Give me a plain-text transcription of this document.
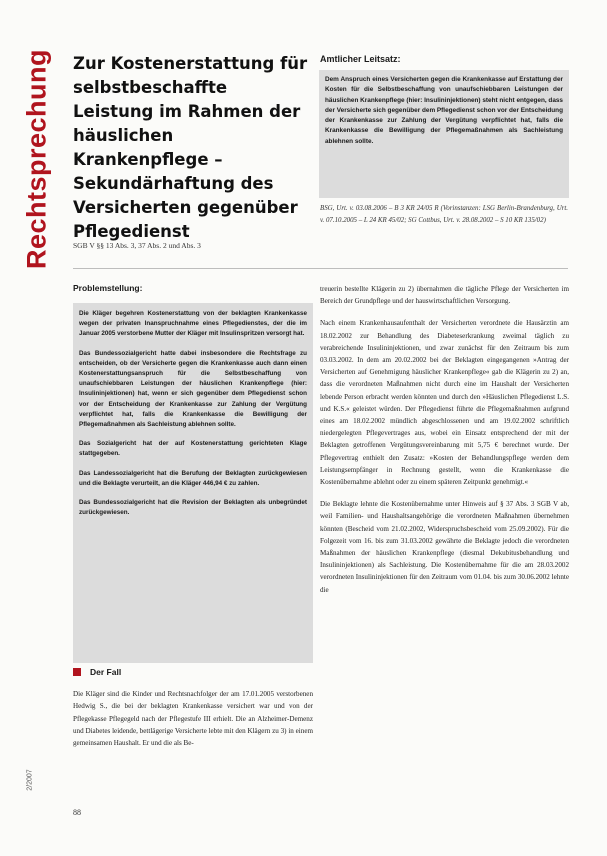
Rechtsprechung Zur Kostenerstattung für selbstbeschaffte Leistung im Rahmen der häuslichen Krankenpflege – Sekundärhaftung des Versicherten gegenüber Pflegedienst
SGB V §§ 13 Abs. 3, 37 Abs. 2 und Abs. 3
Amtlicher Leitsatz:

Dem Anspruch eines Versicherten gegen die Krankenkasse auf Erstattung der Kosten für die Selbstbeschaffung von unaufschiebbaren Leistungen der häuslichen Krankenpflege (hier: Insulininjektionen) steht nicht entgegen, dass der Versicherte sich gegenüber dem Pflegedienst schon vor der Entscheidung der Krankenkasse zur Zahlung der Vergütung verpflichtet hat, falls die Krankenkasse die Bewilligung der Pflegemaßnahmen als Sachleistung ablehnen sollte.

BSG, Urt. v. 03.08.2006 – B 3 KR 24/05 R (Vorinstanzen: LSG Berlin-Brandenburg, Urt. v. 07.10.2005 – L 24 KR 45/02; SG Cottbus, Urt. v. 28.08.2002 – S 10 KR 135/02)

Problemstellung:

Die Kläger begehren Kostenerstattung von der beklagten Krankenkasse wegen der privaten Inanspruchnahme eines Pflegedienstes, der die im Januar 2005 verstorbene Mutter der Kläger mit Insulinspritzen versorgt hat.

Das Bundessozialgericht hatte dabei insbesondere die Rechtsfrage zu entscheiden, ob der Versicherte gegen die Krankenkasse auch dann einen Kostenerstattungsanspruch für die Selbstbeschaffung von unaufschiebbaren Leistungen der häuslichen Krankenpflege (hier: Insulininjektionen) hat, wenn er sich gegenüber dem Pflegedienst schon vor der Entscheidung der Krankenkasse zur Zahlung der Vergütung verpflichtet hat, falls die Krankenkasse die Bewilligung der Pflegemaßnahmen als Sachleistung ablehnen sollte.

Das Sozialgericht hat der auf Kostenerstattung gerichteten Klage stattgegeben.

Das Landessozialgericht hat die Berufung der Beklagten zurückgewiesen und die Beklagte verurteilt, an die Kläger 446,94 € zu zahlen.

Das Bundessozialgericht hat die Revision der Beklagten als unbegründet zurückgewiesen.

Der Fall

Die Kläger sind die Kinder und Rechtsnachfolger der am 17.01.2005 verstorbenen Hedwig S., die bei der beklagten Krankenkasse versichert war und von der Pflegekasse Pflegegeld nach der Pflegestufe III erhielt. Die an Alzheimer-Demenz und Diabetes leidende, bettlägerige Versicherte lebte mit den Klägern zu 3) in einem gemeinsamen Haushalt. Er und die als Be-

treuerin bestellte Klägerin zu 2) übernahmen die tägliche Pflege der Versicherten im Bereich der Grundpflege und der hauswirtschaftlichen Versorgung.

Nach einem Krankenhausaufenthalt der Versicherten verordnete die Hausärztin am 18.02.2002 zur Behandlung des Diabeteserkrankung zweimal täglich zu verabreichende Insulininjektionen, und zwar zunächst für den Zeitraum bis zum 03.03.2002. In dem am 20.02.2002 bei der Beklagten eingegangenen »Antrag der Versicherten auf Genehmigung häuslicher Krankenpflege« gab die Klägerin zu 2) an, dass die verordneten Maßnahmen nicht durch eine im Haushalt der Versicherten lebende Person erbracht werden könnten und durch den »Häuslichen Pflegedienst L.S. und K.S.« geleistet würden. Der Pflegedienst führte die Pflegemaßnahmen aufgrund eines am 18.02.2002 mündlich abgeschlossenen und am 19.02.2002 schriftlich niedergelegten Pflegevertrages aus, wobei ein Einsatz entsprechend der mit der Beklagten getroffenen Vergütungsvereinbarung mit 5,75 € berechnet wurde. Der Pflegevertrag enthielt den Zusatz: »Kosten der Behandlungspflege werden dem Leistungsempfänger in Rechnung gestellt, wenn die Krankenkasse die Kostenübernahme ablehnt oder zu einem späteren Zeitpunkt genehmigt.«

Die Beklagte lehnte die Kostenübernahme unter Hinweis auf § 37 Abs. 3 SGB V ab, weil Familien- und Haushaltsangehörige die verordneten Maßnahmen übernehmen könnten (Bescheid vom 21.02.2002, Widerspruchsbescheid vom 25.09.2002). Für die Folgezeit vom 16. bis zum 31.03.2002 gewährte die Beklagte jedoch die verordneten Maßnahmen der häuslichen Krankenpflege (diesmal Dekubitusbehandlung und Insulininjektionen) als Sachleistung. Die Kostenübernahme für die am 28.03.2002 verordneten Insulininjektionen für den Zeitraum vom 01.04. bis zum 30.06.2002 lehnte die

2/2007
88
